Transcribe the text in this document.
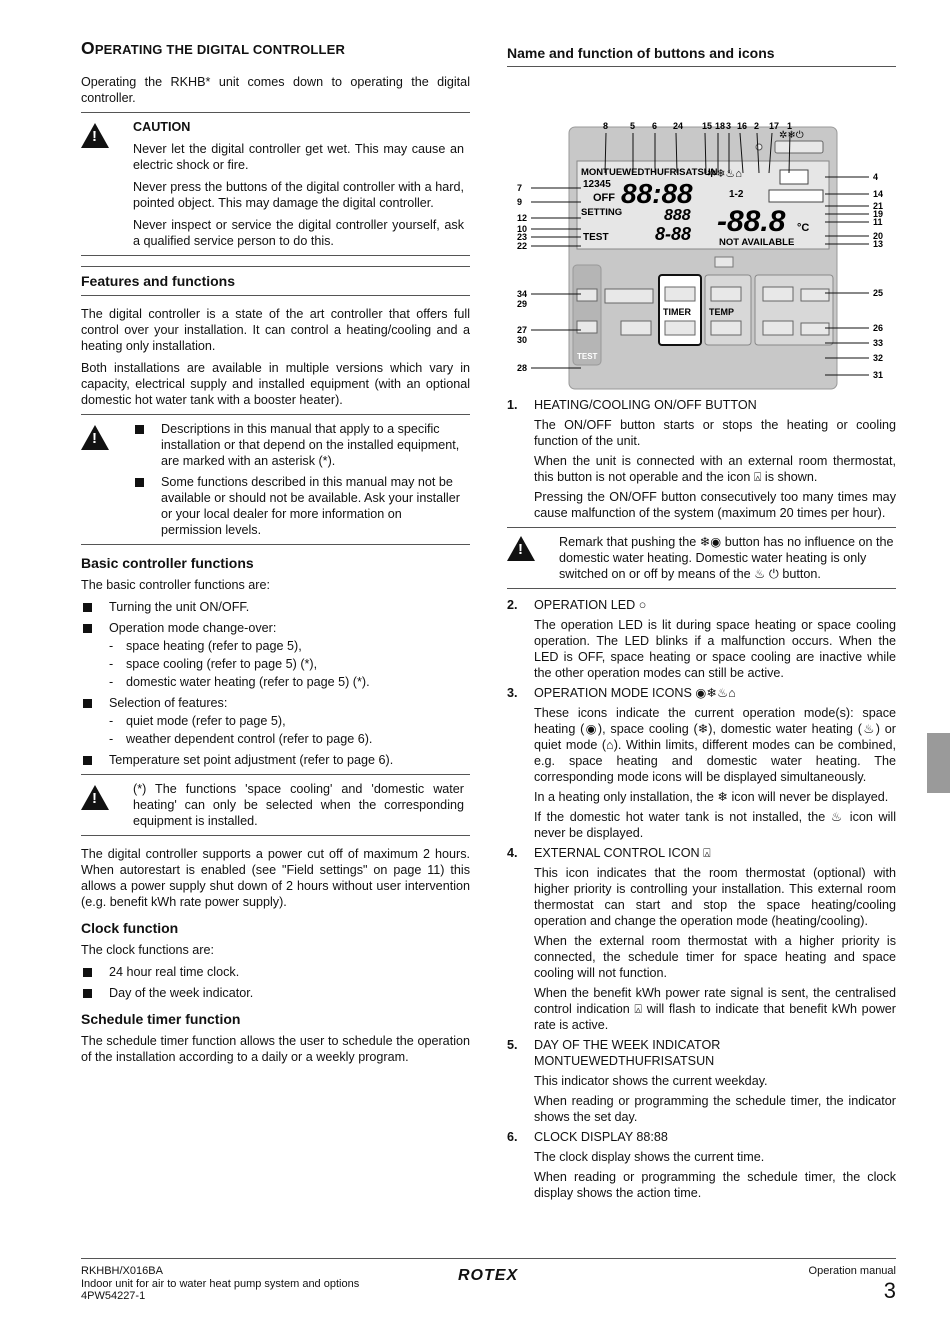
OPERATING THE DIGITAL CONTROLLER

Operating the RKHB* unit comes down to operating the digital controller.

!
CAUTION

Never let the digital controller get wet. This may cause an electric shock or fire.

Never press the buttons of the digital controller with a hard, pointed object. This may damage the digital controller.

Never inspect or service the digital controller yourself, ask a qualified service person to do this.

Features and functions

The digital controller is a state of the art controller that offers full control over your installation. It can control a heating/cooling and a heating only installation.

Both installations are available in multiple versions which vary in capacity, electrical supply and installed equipment (with an optional domestic hot water tank with a booster heater).

!
Descriptions in this manual that apply to a specific installation or that depend on the installed equipment, are marked with an asterisk (*).
Some functions described in this manual may not be available or should not be available. Ask your installer or your local dealer for more information on permission levels.
Basic controller functions

The basic controller functions are:

Turning the unit ON/OFF.
Operation mode change-over:
- space heating (refer to page 5),
- space cooling (refer to page 5) (*),
- domestic water heating (refer to page 5) (*).
Selection of features:
- quiet mode (refer to page 5),
- weather dependent control (refer to page 6).
Temperature set point adjustment (refer to page 6).
!

(*) The functions 'space cooling' and 'domestic water heating' can only be selected when the corresponding equipment is installed.

The digital controller supports a power cut off of maximum 2 hours. When autorestart is enabled (see "Field settings" on page 11) this allows a power supply shut down of 2 hours without user intervention (e.g. benefit kWh rate power supply).

Clock function

The clock functions are:

24 hour real time clock.
Day of the week indicator.
Schedule timer function

The schedule timer function allows the user to schedule the operation of the installation according to a daily or a weekly program.

Name and function of buttons and icons
✲❄⏻
MONTUEWEDTHUFRISATSUN
12345 88:88
OFF
SETTING
TEST
888
8-88 -88.8 °C
1-2
NOT AVAILABLE
✲❄♨⌂
TEST
TIMER TEMP
8 5 6 24 15 18 3 16 2 17 1
7
9
12
10
23
22
34
29
27
30
28
4
14
21
19
11
20
13
25
26
33
32
31
1.	HEATING/COOLING ON/OFF BUTTON

The ON/OFF button starts or stops the heating or cooling function of the unit.

When the unit is connected with an external room thermostat, this button is not operable and the icon ⍓ is shown.

Pressing the ON/OFF button consecutively too many times may cause malfunction of the system (maximum 20 times per hour).

!
Remark that pushing the ❄◉ button has no influence on the domestic water heating. Domestic water heating is only switched on or off by means of the ♨ ⏻ button.
2.	OPERATION LED ○

The operation LED is lit during space heating or space cooling operation. The LED blinks if a malfunction occurs. When the LED is OFF, space heating or space cooling are inactive while the other operation modes can still be active.

3.	OPERATION MODE ICONS ◉❄♨⌂

These icons indicate the current operation mode(s): space heating (◉), space cooling (❄), domestic water heating (♨) or quiet mode (⌂). Within limits, different modes can be combined, e.g. space heating and domestic water heating. The corresponding mode icons will be displayed simultaneously.

In a heating only installation, the ❄ icon will never be displayed.

If the domestic hot water tank is not installed, the ♨ icon will never be displayed.

4.	EXTERNAL CONTROL ICON ⍓

This icon indicates that the room thermostat (optional) with higher priority is controlling your installation. This external room thermostat can start and stop the space heating/cooling operation and change the operation mode (heating/cooling).

When the external room thermostat with a higher priority is connected, the schedule timer for space heating and space cooling will not function.

When the benefit kWh power rate signal is sent, the centralised control indication ⍓ will flash to indicate that benefit kWh power rate is active.

5.	DAY OF THE WEEK INDICATOR MONTUEWEDTHUFRISATSUN

This indicator shows the current weekday.

When reading or programming the schedule timer, the indicator shows the set day.

6.	CLOCK DISPLAY 88:88

The clock display shows the current time.

When reading or programming the schedule timer, the clock display shows the action time.

RKHBH/X016BA
Indoor unit for air to water heat pump system and options
4PW54227-1
ROTEX	Operation manual
3
